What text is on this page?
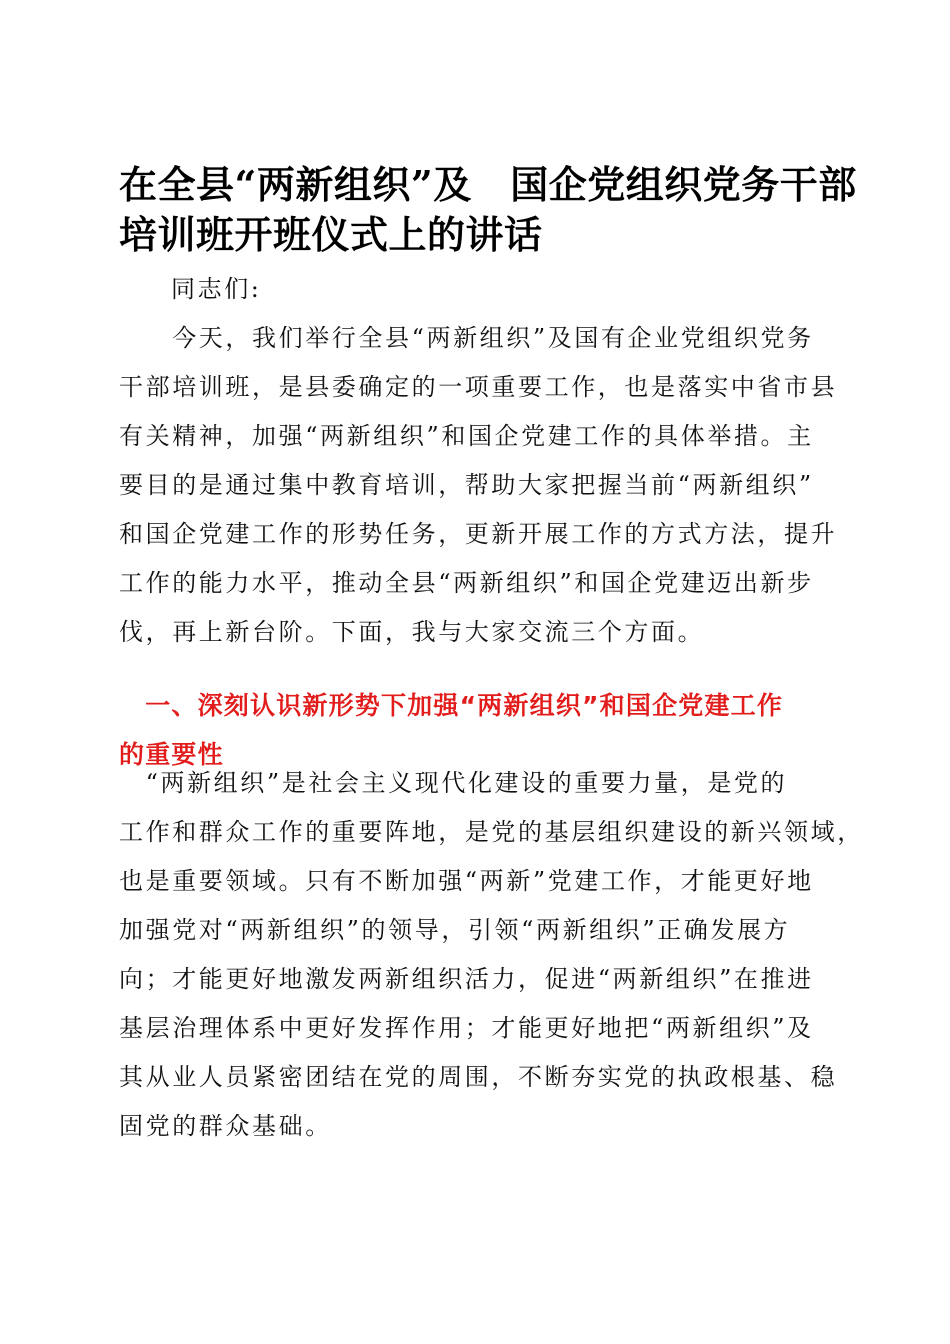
在全县“两新组织”及　国企党组织党务干部
培训班开班仪式上的讲话
同志们:
　　今天，我们举行全县“两新组织”及国有企业党组织党务
干部培训班，是县委确定的一项重要工作，也是落实中省市县
有关精神，加强“两新组织”和国企党建工作的具体举措。主
要目的是通过集中教育培训，帮助大家把握当前“两新组织”
和国企党建工作的形势任务，更新开展工作的方式方法，提升
工作的能力水平，推动全县“两新组织”和国企党建迈出新步
伐，再上新台阶。下面，我与大家交流三个方面。
　一、深刻认识新形势下加强“两新组织”和国企党建工作
的重要性
　“两新组织”是社会主义现代化建设的重要力量，是党的
工作和群众工作的重要阵地，是党的基层组织建设的新兴领域，
也是重要领域。只有不断加强“两新”党建工作，才能更好地
加强党对“两新组织”的领导，引领“两新组织”正确发展方
向；才能更好地激发两新组织活力，促进“两新组织”在推进
基层治理体系中更好发挥作用；才能更好地把“两新组织”及
其从业人员紧密团结在党的周围，不断夯实党的执政根基、稳
固党的群众基础。
